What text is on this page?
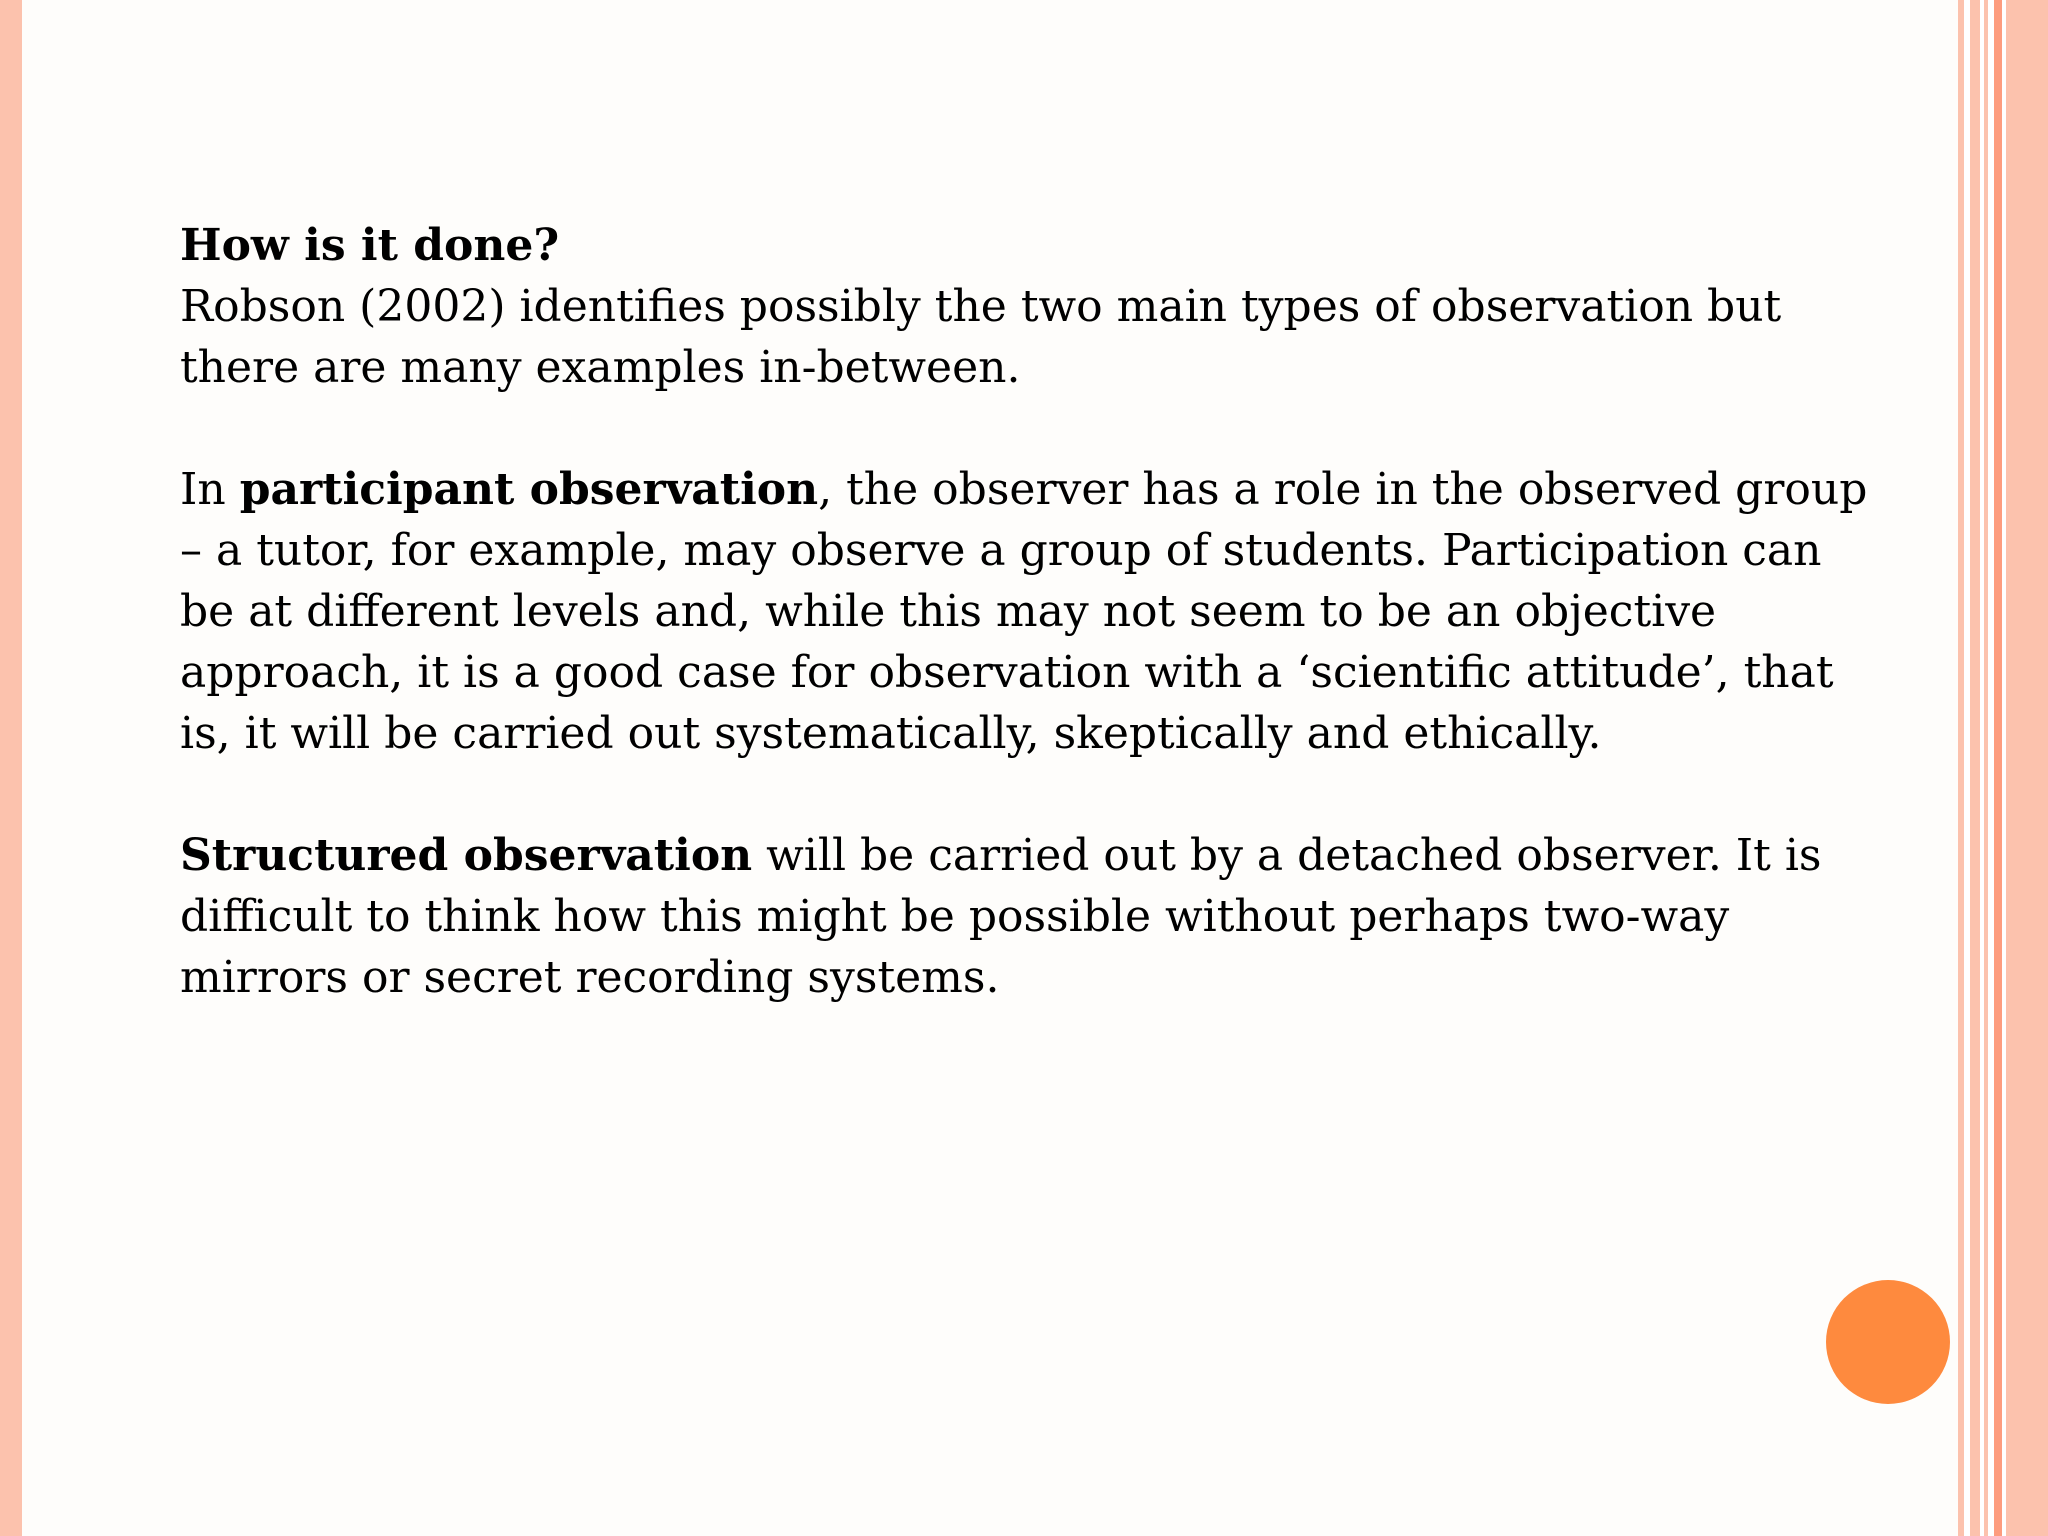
How is it done?

Robson (2002) identifies possibly the two main types of observation but there are many examples in-between.

In participant observation, the observer has a role in the observed group – a tutor, for example, may observe a group of students. Participation can be at different levels and, while this may not seem to be an objective approach, it is a good case for observation with a ‘scientific attitude’, that is, it will be carried out systematically, skeptically and ethically.

Structured observation will be carried out by a detached observer. It is difficult to think how this might be possible without perhaps two-way mirrors or secret recording systems.
